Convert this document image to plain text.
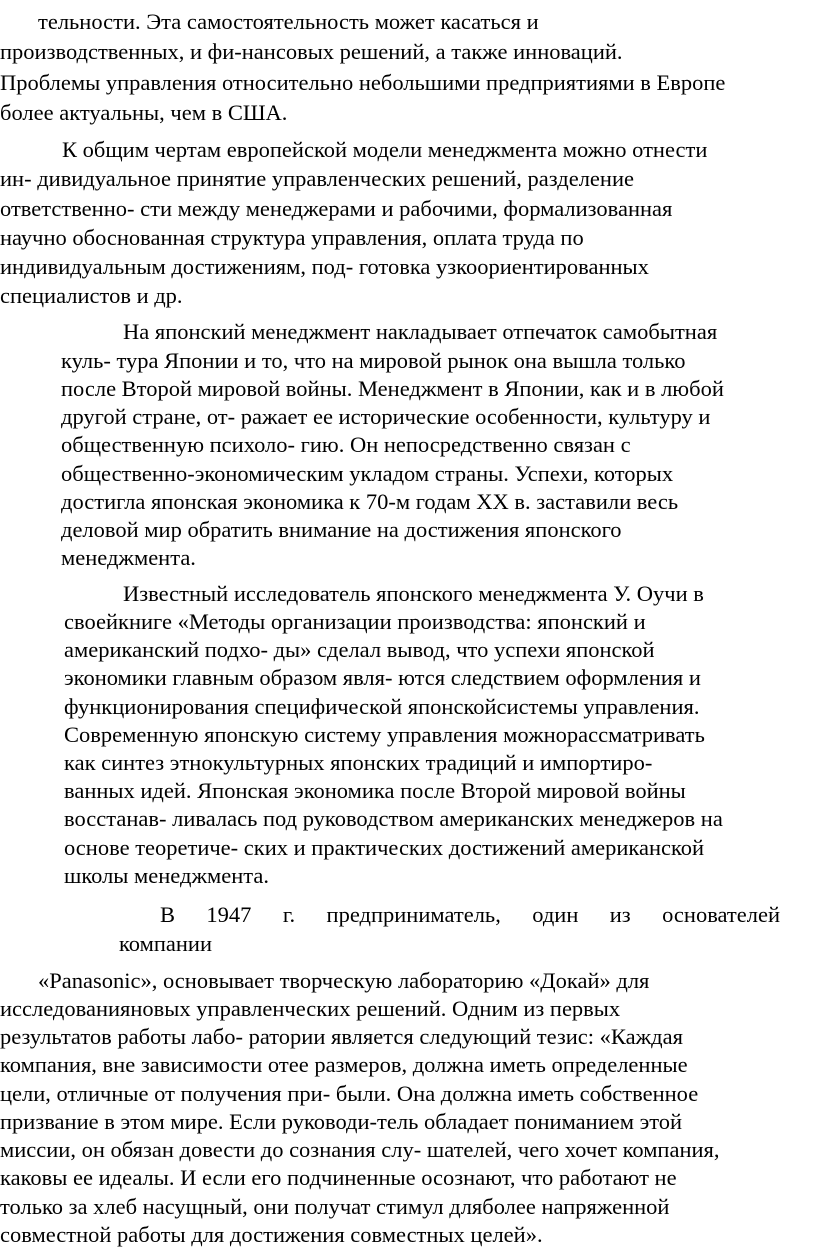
тельности. Эта самостоятельность может касаться и
производственных, и фи-нансовых решений, а также инноваций.
Проблемы управления относительно небольшими предприятиями в Европе
более актуальны, чем в США.
К общим чертам европейской модели менеджмента можно отнести
ин- дивидуальное принятие управленческих решений, разделение
ответственно- сти между менеджерами и рабочими, формализованная
научно обоснованная структура управления, оплата труда по
индивидуальным достижениям, под- готовка узкоориентированных
специалистов и др.
На японский менеджмент накладывает отпечаток самобытная
куль- тура Японии и то, что на мировой рынок она вышла только
после Второй мировой войны. Менеджмент в Японии, как и в любой
другой стране, от- ражает ее исторические особенности, культуру и
общественную психоло- гию. Он непосредственно связан с
общественно-экономическим укладом страны. Успехи, которых
достигла японская экономика к 70-м годам XX в. заставили весь
деловой мир обратить внимание на достижения японского
менеджмента.
Известный исследователь японского менеджмента У. Оучи в
своейкниге «Методы организации производства: японский и
американский подхо- ды» сделал вывод, что успехи японской
экономики главным образом явля- ются следствием оформления и
функционирования специфической японскойсистемы управления.
Современную японскую систему управления можнорассматривать
как синтез этнокультурных японских традиций и импортиро-
ванных идей. Японская экономика после Второй мировой войны
восстанав- ливалась под руководством американских менеджеров на
основе теоретиче- ских и практических достижений американской
школы менеджмента.
В 1947 г. предприниматель, один из основателей
компании
«Panasonic», основывает творческую лабораторию «Докай» для
исследованияновых управленческих решений. Одним из первых
результатов работы лабо- ратории является следующий тезис: «Каждая
компания, вне зависимости отее размеров, должна иметь определенные
цели, отличные от получения при- были. Она должна иметь собственное
призвание в этом мире. Если руководи-тель обладает пониманием этой
миссии, он обязан довести до сознания слу- шателей, чего хочет компания,
каковы ее идеалы. И если его подчиненные осознают, что работают не
только за хлеб насущный, они получат стимул дляболее напряженной
совместной работы для достижения совместных целей».
